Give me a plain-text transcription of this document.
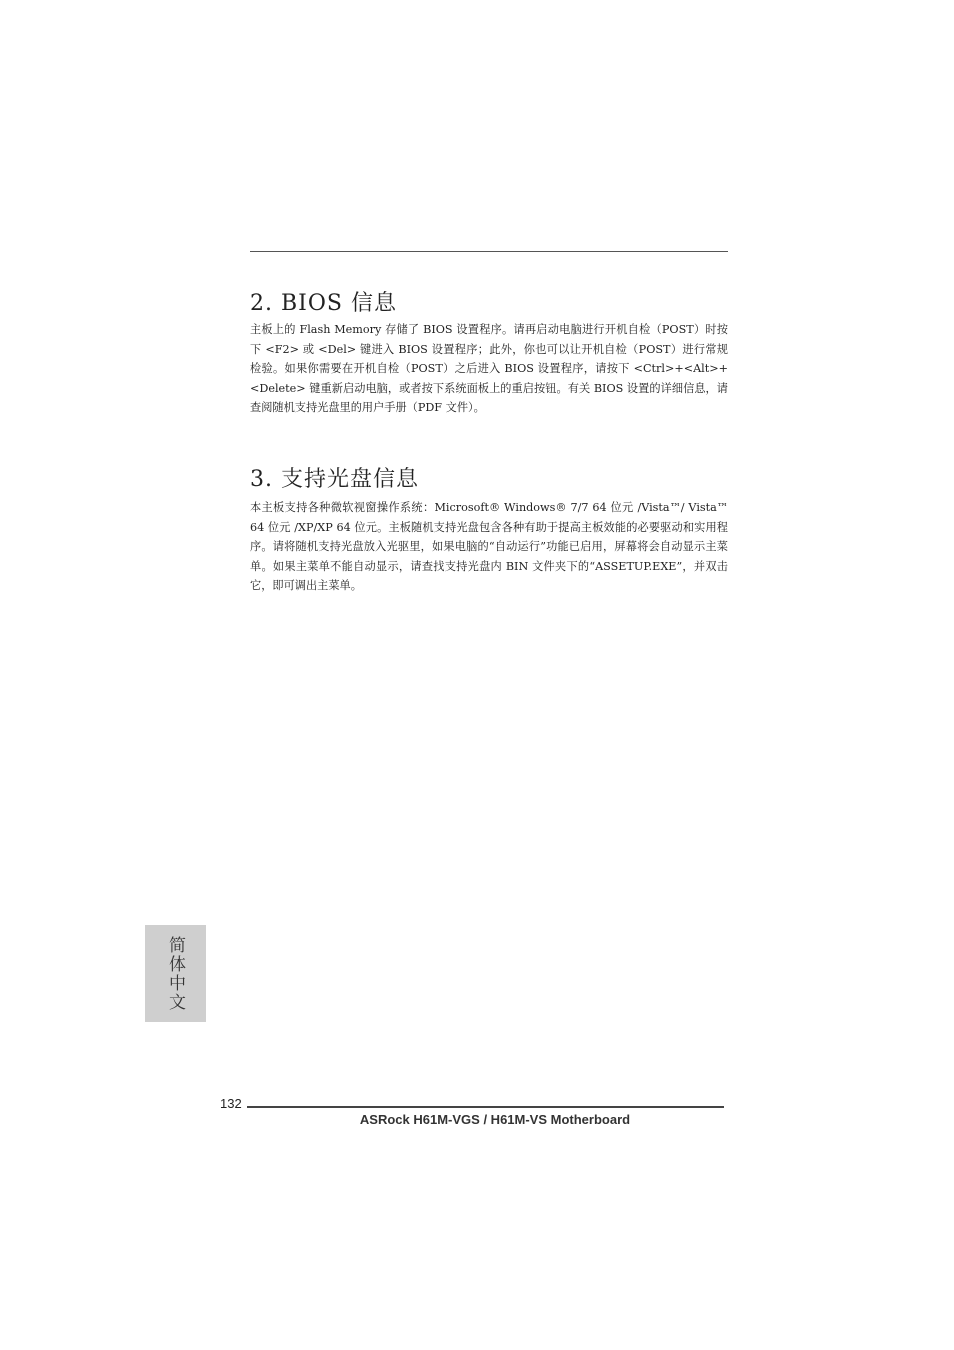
2. BIOS 信息

主板上的 Flash Memory 存储了 BIOS 设置程序。请再启动电脑进行开机自检（POST）时按下 <F2> 或 <Del> 键进入 BIOS 设置程序；此外，你也可以让开机自检（POST）进行常规检验。如果你需要在开机自检（POST）之后进入 BIOS 设置程序，请按下 <Ctrl>+<Alt>+<Delete> 键重新启动电脑，或者按下系统面板上的重启按钮。有关 BIOS 设置的详细信息，请查阅随机支持光盘里的用户手册（PDF 文件）。

3. 支持光盘信息

本主板支持各种微软视窗操作系统：Microsoft® Windows® 7/7 64 位元 /Vista™/ Vista™ 64 位元 /XP/XP 64 位元。主板随机支持光盘包含各种有助于提高主板效能的必要驱动和实用程序。请将随机支持光盘放入光驱里，如果电脑的“自动运行”功能已启用，屏幕将会自动显示主菜单。如果主菜单不能自动显示，请查找支持光盘内 BIN 文件夹下的“ASSETUP.EXE”，并双击它，即可调出主菜单。

简体中文
132
ASRock H61M-VGS / H61M-VS Motherboard
